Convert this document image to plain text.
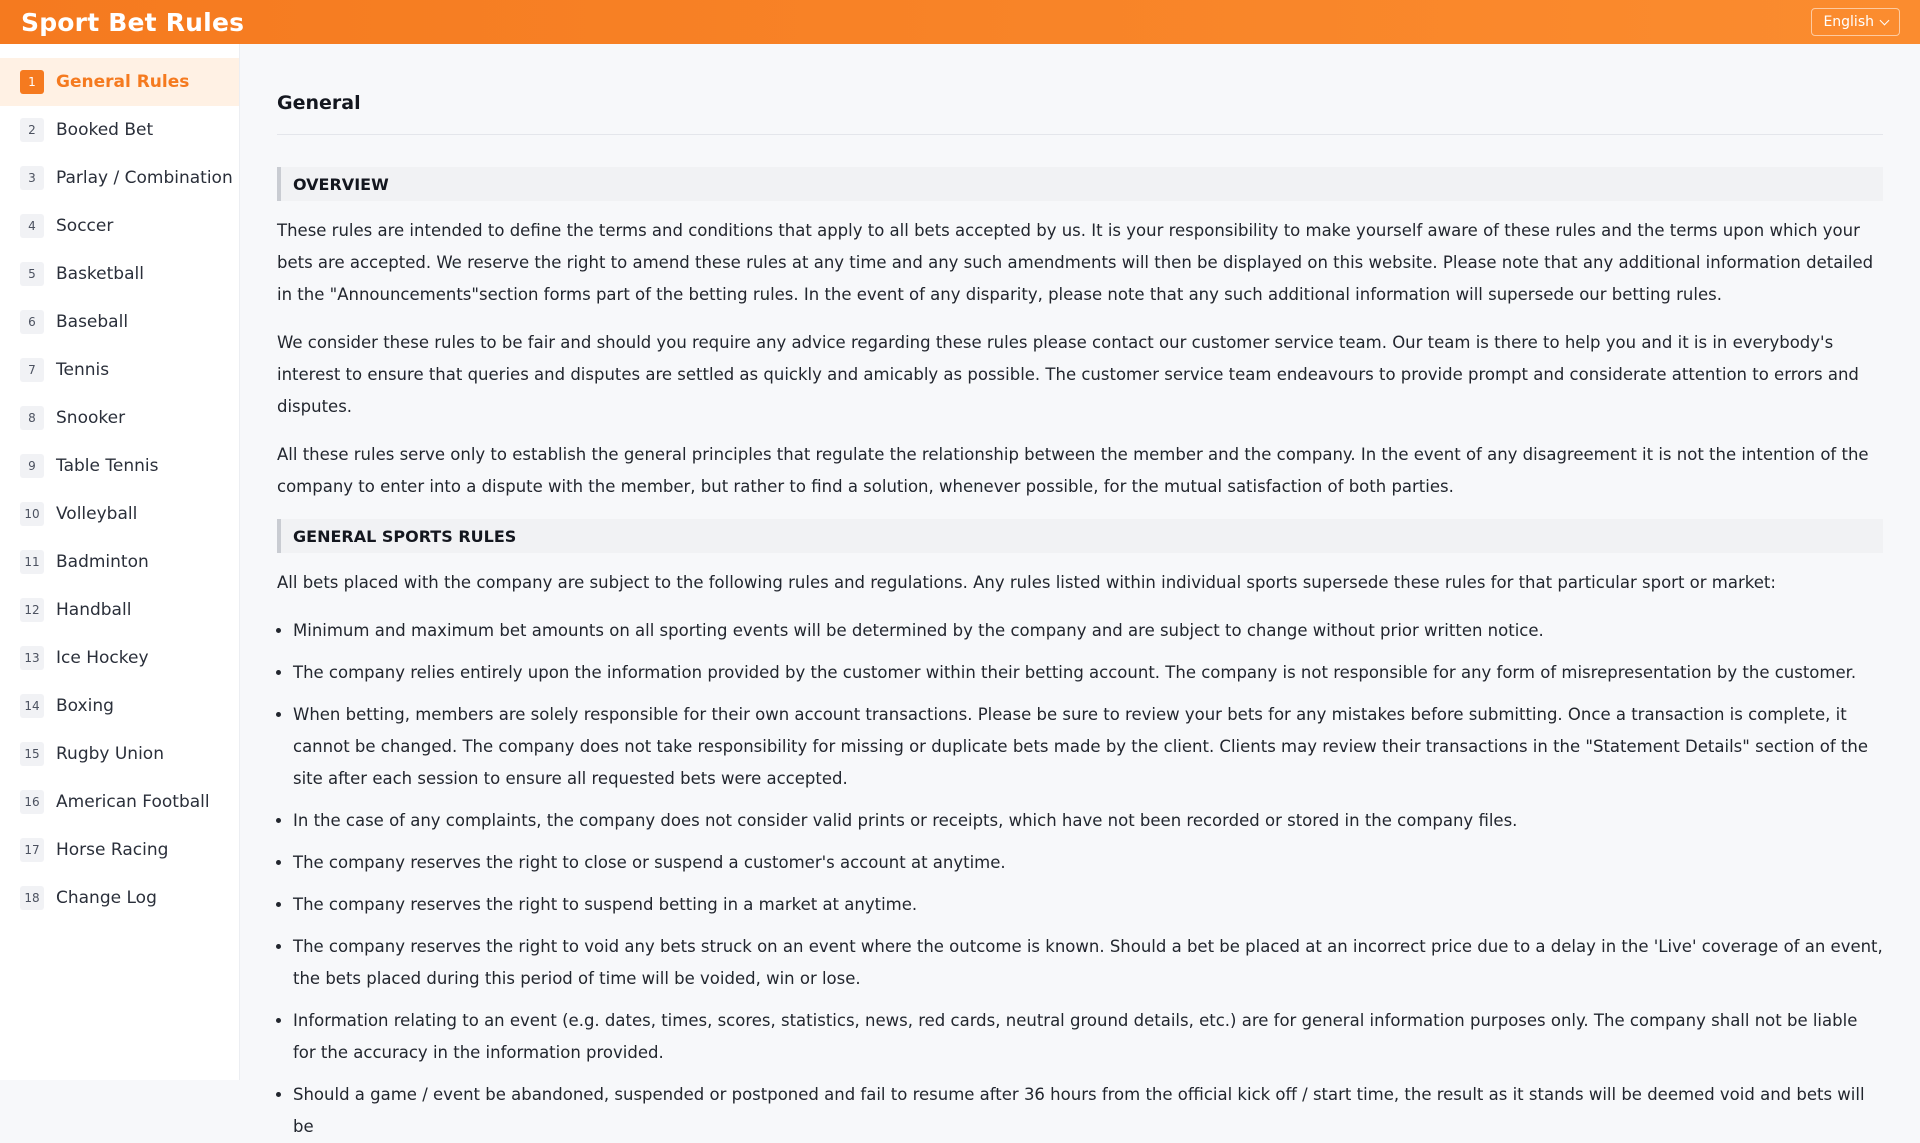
Sport Bet Rules	English
1	General Rules
2	Booked Bet
3	Parlay / Combination
4	Soccer
5	Basketball
6	Baseball
7	Tennis
8	Snooker
9	Table Tennis
10 Volleyball
11 Badminton
12 Handball
13 Ice Hockey
14 Boxing
15 Rugby Union
16 American Football
17 Horse Racing
18 Change Log
General
OVERVIEW

These rules are intended to define the terms and conditions that apply to all bets accepted by us. It is your responsibility to make yourself aware of these rules and the terms upon which your bets are accepted. We reserve the right to amend these rules at any time and any such amendments will then be displayed on this website. Please note that any additional information detailed in the "Announcements"section forms part of the betting rules. In the event of any disparity, please note that any such additional information will supersede our betting rules.

We consider these rules to be fair and should you require any advice regarding these rules please contact our customer service team. Our team is there to help you and it is in everybody's interest to ensure that queries and disputes are settled as quickly and amicably as possible. The customer service team endeavours to provide prompt and considerate attention to errors and disputes.

All these rules serve only to establish the general principles that regulate the relationship between the member and the company. In the event of any disagreement it is not the intention of the company to enter into a dispute with the member, but rather to find a solution, whenever possible, for the mutual satisfaction of both parties.

GENERAL SPORTS RULES

All bets placed with the company are subject to the following rules and regulations. Any rules listed within individual sports supersede these rules for that particular sport or market:

• Minimum and maximum bet amounts on all sporting events will be determined by the company and are subject to change without prior written notice.
• The company relies entirely upon the information provided by the customer within their betting account. The company is not responsible for any form of misrepresentation by the customer.
• When betting, members are solely responsible for their own account transactions. Please be sure to review your bets for any mistakes before submitting. Once a transaction is complete, it cannot be changed. The company does not take responsibility for missing or duplicate bets made by the client. Clients may review their transactions in the "Statement Details" section of the site after each session to ensure all requested bets were accepted.
• In the case of any complaints, the company does not consider valid prints or receipts, which have not been recorded or stored in the company files.
• The company reserves the right to close or suspend a customer's account at anytime.
• The company reserves the right to suspend betting in a market at anytime.
• The company reserves the right to void any bets struck on an event where the outcome is known. Should a bet be placed at an incorrect price due to a delay in the 'Live' coverage of an event, the bets placed during this period of time will be voided, win or lose.
• Information relating to an event (e.g. dates, times, scores, statistics, news, red cards, neutral ground details, etc.) are for general information purposes only. The company shall not be liable for the accuracy in the information provided.
• Should a game / event be abandoned, suspended or postponed and fail to resume after 36 hours from the official kick off / start time, the result as it stands will be deemed void and bets will be
